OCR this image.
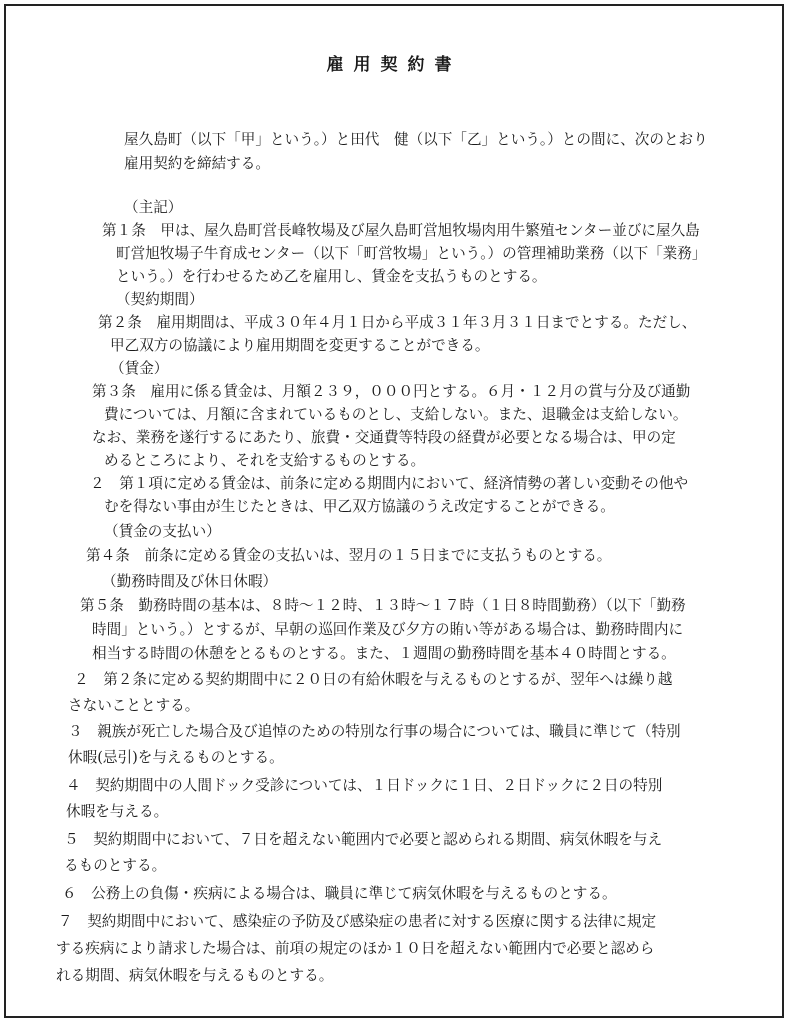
雇用契約書
屋久島町（以下「甲」という。）と田代　健（以下「乙」という。）との間に、次のとおり
雇用契約を締結する。
（主記）
第１条　甲は、屋久島町営長峰牧場及び屋久島町営旭牧場肉用牛繁殖センター並びに屋久島
町営旭牧場子牛育成センター（以下「町営牧場」という。）の管理補助業務（以下「業務」
という。）を行わせるため乙を雇用し、賃金を支払うものとする。
（契約期間）
第２条　雇用期間は、平成３０年４月１日から平成３１年３月３１日までとする。ただし、
甲乙双方の協議により雇用期間を変更することができる。
（賃金）
第３条　雇用に係る賃金は、月額２３９，０００円とする。６月・１２月の賞与分及び通勤
費については、月額に含まれているものとし、支給しない。また、退職金は支給しない。
なお、業務を遂行するにあたり、旅費・交通費等特段の経費が必要となる場合は、甲の定
めるところにより、それを支給するものとする。
２　第１項に定める賃金は、前条に定める期間内において、経済情勢の著しい変動その他や
むを得ない事由が生じたときは、甲乙双方協議のうえ改定することができる。
（賃金の支払い）
第４条　前条に定める賃金の支払いは、翌月の１５日までに支払うものとする。
（勤務時間及び休日休暇）
第５条　勤務時間の基本は、８時～１２時、１３時～１７時（１日８時間勤務）（以下「勤務
時間」という。）とするが、早朝の巡回作業及び夕方の賄い等がある場合は、勤務時間内に
相当する時間の休憩をとるものとする。また、１週間の勤務時間を基本４０時間とする。
２　第２条に定める契約期間中に２０日の有給休暇を与えるものとするが、翌年へは繰り越
さないこととする。
３　親族が死亡した場合及び追悼のための特別な行事の場合については、職員に準じて（特別
休暇(忌引)を与えるものとする。
４　契約期間中の人間ドック受診については、１日ドックに１日、２日ドックに２日の特別
休暇を与える。
５　契約期間中において、７日を超えない範囲内で必要と認められる期間、病気休暇を与え
るものとする。
６　公務上の負傷・疾病による場合は、職員に準じて病気休暇を与えるものとする。
７　契約期間中において、感染症の予防及び感染症の患者に対する医療に関する法律に規定
する疾病により請求した場合は、前項の規定のほか１０日を超えない範囲内で必要と認めら
れる期間、病気休暇を与えるものとする。
